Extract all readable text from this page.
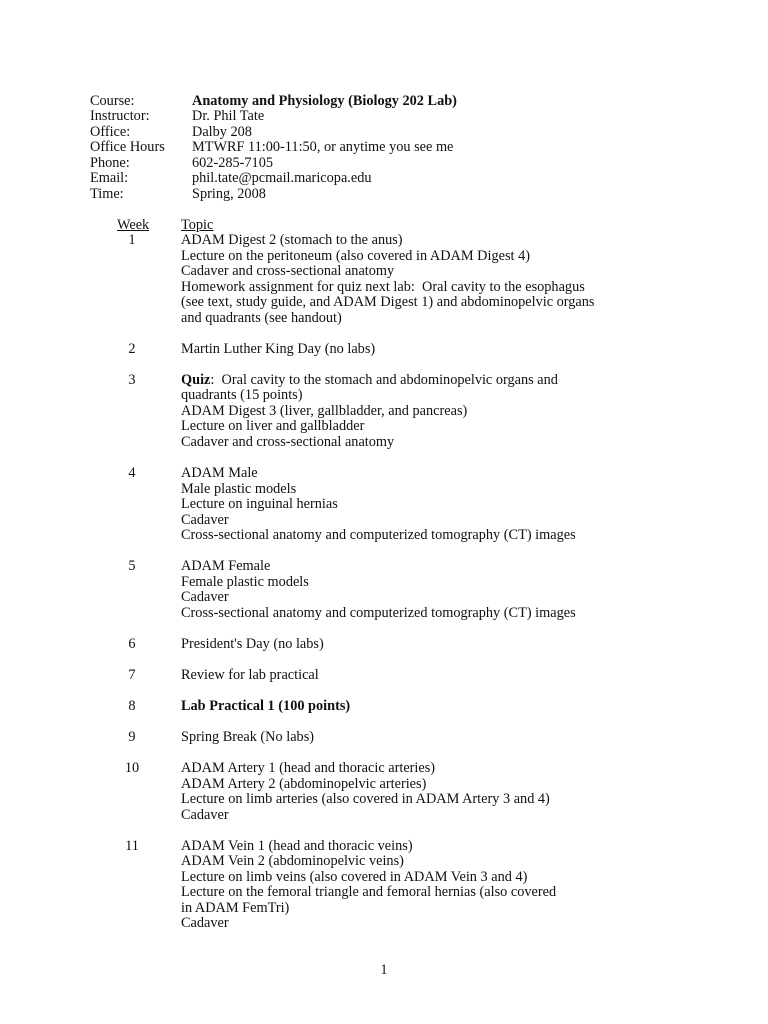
Course:	Anatomy and Physiology (Biology 202 Lab)
Instructor:	Dr. Phil Tate
Office:	Dalby 208
Office Hours MTWRF 11:00-11:50, or anytime you see me
Phone:	602-285-7105
Email:	phil.tate@pcmail.maricopa.edu
Time:	Spring, 2008
Week Topic
1	ADAM Digest 2 (stomach to the anus)
Lecture on the peritoneum (also covered in ADAM Digest 4)
Cadaver and cross-sectional anatomy
Homework assignment for quiz next lab:  Oral cavity to the esophagus
(see text, study guide, and ADAM Digest 1) and abdominopelvic organs
and quadrants (see handout)
2	Martin Luther King Day (no labs)
3	Quiz:  Oral cavity to the stomach and abdominopelvic organs and
quadrants (15 points)
ADAM Digest 3 (liver, gallbladder, and pancreas)
Lecture on liver and gallbladder
Cadaver and cross-sectional anatomy
4	ADAM Male
Male plastic models
Lecture on inguinal hernias
Cadaver
Cross-sectional anatomy and computerized tomography (CT) images
5	ADAM Female
Female plastic models
Cadaver
Cross-sectional anatomy and computerized tomography (CT) images
6	President's Day (no labs)
7	Review for lab practical
8	Lab Practical 1 (100 points)
9	Spring Break (No labs)
10	ADAM Artery 1 (head and thoracic arteries)
ADAM Artery 2 (abdominopelvic arteries)
Lecture on limb arteries (also covered in ADAM Artery 3 and 4)
Cadaver
11	ADAM Vein 1 (head and thoracic veins)
ADAM Vein 2 (abdominopelvic veins)
Lecture on limb veins (also covered in ADAM Vein 3 and 4)
Lecture on the femoral triangle and femoral hernias (also covered
in ADAM FemTri)
Cadaver
1
